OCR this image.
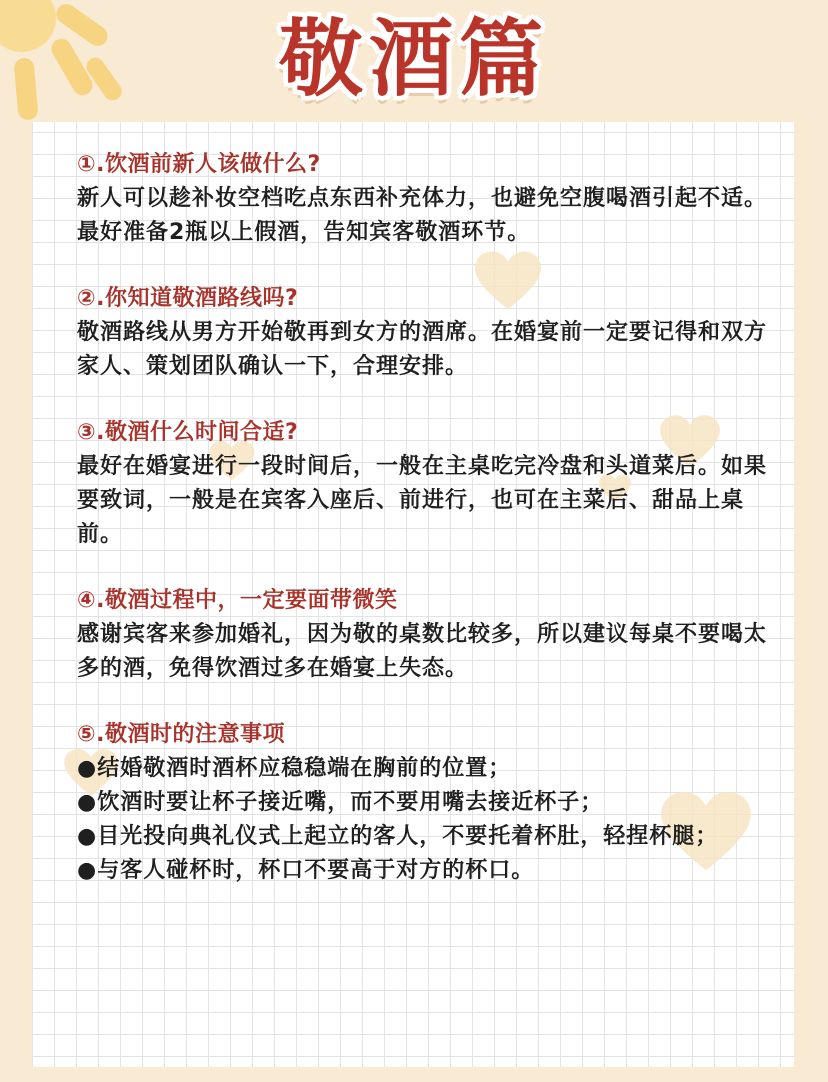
敬酒篇
①.饮酒前新人该做什么?

新人可以趁补妆空档吃点东西补充体力，也避免空腹喝酒引起不适。最好准备2瓶以上假酒，告知宾客敬酒环节。

②.你知道敬酒路线吗?

敬酒路线从男方开始敬再到女方的酒席。在婚宴前一定要记得和双方家人、策划团队确认一下，合理安排。

③.敬酒什么时间合适?

最好在婚宴进行一段时间后，一般在主桌吃完冷盘和头道菜后。如果要致词，一般是在宾客入座后、前进行，也可在主菜后、甜品上桌前。

④.敬酒过程中，一定要面带微笑

感谢宾客来参加婚礼，因为敬的桌数比较多，所以建议每桌不要喝太多的酒，免得饮酒过多在婚宴上失态。

⑤.敬酒时的注意事项
●结婚敬酒时酒杯应稳稳端在胸前的位置；
●饮酒时要让杯子接近嘴，而不要用嘴去接近杯子；
●目光投向典礼仪式上起立的客人，不要托着杯肚，轻捏杯腿；
●与客人碰杯时，杯口不要高于对方的杯口。
